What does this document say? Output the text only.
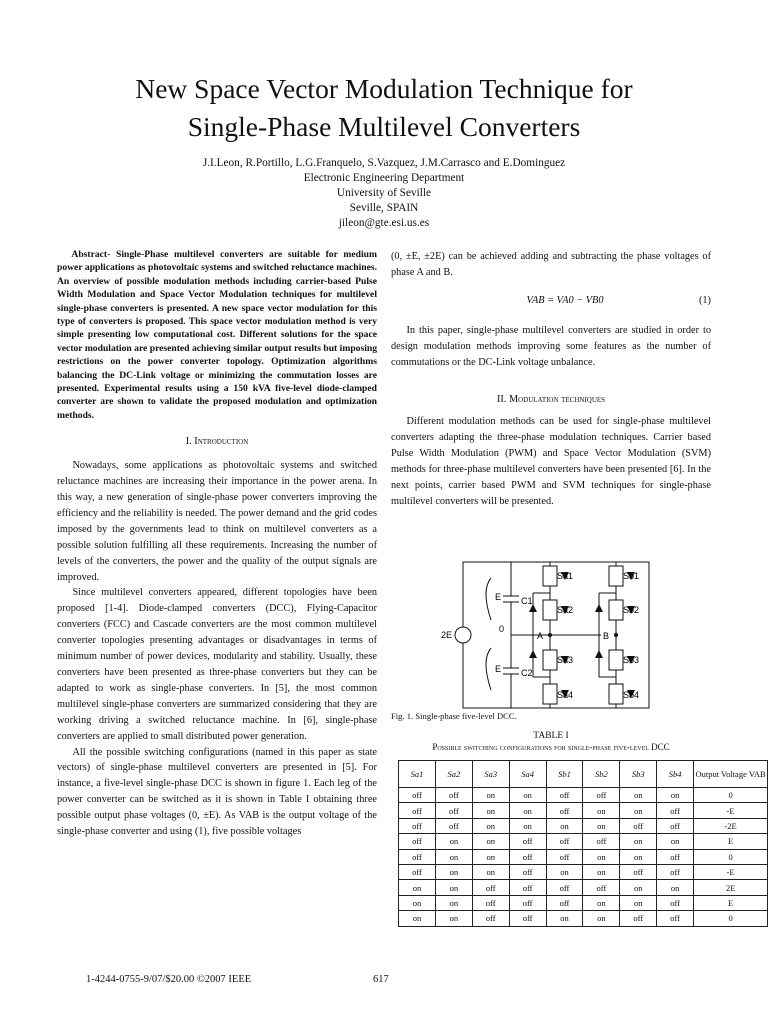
New Space Vector Modulation Technique for
Single-Phase Multilevel Converters
J.I.Leon, R.Portillo, L.G.Franquelo, S.Vazquez, J.M.Carrasco and E.Dominguez
Electronic Engineering Department
University of Seville
Seville, SPAIN
jileon@gte.esi.us.es

Abstract- Single-Phase multilevel converters are suitable for medium power applications as photovoltaic systems and switched reluctance machines. An overview of possible modulation methods including carrier-based Pulse Width Modulation and Space Vector Modulation techniques for multilevel single-phase converters is presented. A new space vector modulation for this type of converters is proposed. This space vector modulation method is very simple presenting low computational cost. Different solutions for the space vector modulation are presented achieving similar output results but imposing restrictions on the power converter topology. Optimization algorithms balancing the DC-Link voltage or minimizing the commutation losses are presented. Experimental results using a 150 kVA five-level diode-clamped converter are shown to validate the proposed modulation and optimization methods.

I. Introduction

Nowadays, some applications as photovoltaic systems and switched reluctance machines are increasing their importance in the power arena. In this way, a new generation of single-phase power converters improving the efficiency and the reliability is needed. The power demand and the grid codes imposed by the governments lead to think on multilevel converters as a possible solution fulfilling all these requirements. Increasing the number of levels of the converters, the power and the quality of the output signals are improved.

Since multilevel converters appeared, different topologies have been proposed [1-4]. Diode-clamped converters (DCC), Flying-Capacitor converters (FCC) and Cascade converters are the most common multilevel converter topologies presenting advantages or disadvantages in terms of minimum number of power devices, modularity and stability. Usually, these converters have been presented as three-phase converters but they can be adapted to work as single-phase converters. In [5], the most common multilevel single-phase converters are summarized considering that they are working driving a switched reluctance machine. In [6], single-phase converters are applied to small distributed power generation.

All the possible switching configurations (named in this paper as state vectors) of single-phase multilevel converters are presented in [5]. For instance, a five-level single-phase DCC is shown in figure 1. Each leg of the power converter can be switched as it is shown in Table I obtaining three possible output phase voltages (0, ±E). As VAB is the output voltage of the single-phase converter and using (1), five possible voltages

(0, ±E, ±2E) can be achieved adding and subtracting the phase voltages of phase A and B.

VAB = VA0 − VB0	(1)

In this paper, single-phase multilevel converters are studied in order to design modulation methods improving some features as the number of commutations or the DC-Link voltage unbalance.

II. Modulation techniques

Different modulation methods can be used for single-phase multilevel converters adapting the three-phase modulation techniques. Carrier based Pulse Width Modulation (PWM) and Space Vector Modulation (SVM) methods for three-phase multilevel converters have been presented [6]. In the next points, carrier based PWM and SVM techniques for single-phase multilevel converters will be presented.

Sa1
Sa2
Sa3
Sa4
Sb1
Sb2
Sb3
Sb4
E
E
C1
C2
0
A	B
2E
Fig. 1. Single-phase five-level DCC.
TABLE I
Possible switching configurations for single-phase five-level DCC
Sa1	Sa2	Sa3	Sa4	Sb1	Sb2	Sb3	Sb4	Output Voltage VAB
off	off	on	on	off	off	on	on	0
off	off	on	on	off	on	on	off	-E
off	off	on	on	on	on	off	off	-2E
off	on	on	off	off	off	on	on	E
off	on	on	off	off	on	on	off	0
off	on	on	off	on	on	off	off	-E
on	on	off	off	off	off	on	on	2E
on	on	off	off	off	on	on	off	E
on	on	off	off	on	on	off	off	0
1-4244-0755-9/07/$20.00 ©2007 IEEE	617
